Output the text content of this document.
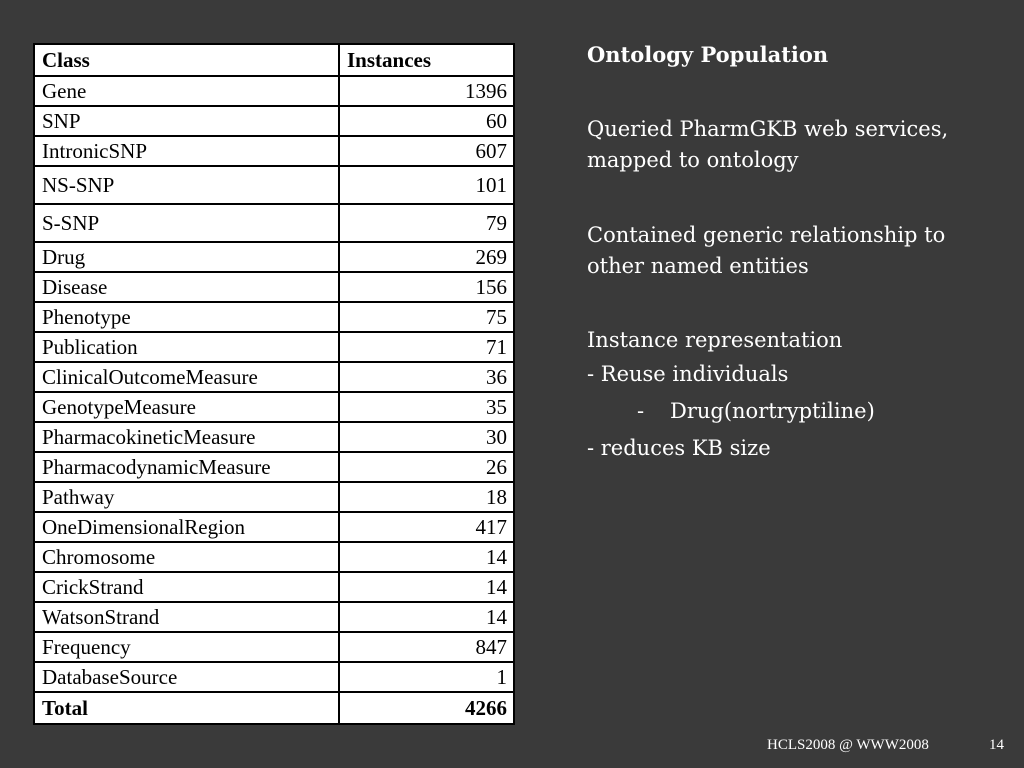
Class	Instances
Gene	1396
SNP	60
IntronicSNP	607
NS-SNP	101
S-SNP	79
Drug	269
Disease	156
Phenotype	75
Publication	71
ClinicalOutcomeMeasure	36
GenotypeMeasure	35
PharmacokineticMeasure	30
PharmacodynamicMeasure	26
Pathway	18
OneDimensionalRegion	417
Chromosome	14
CrickStrand	14
WatsonStrand	14
Frequency	847
DatabaseSource	1
Total	4266

Ontology Population

Queried PharmGKB web services, mapped to ontology

Contained generic relationship to other named entities

Instance representation

- Reuse individuals

- Drug(nortryptiline)

- reduces KB size

HCLS2008 @ WWW2008	14
